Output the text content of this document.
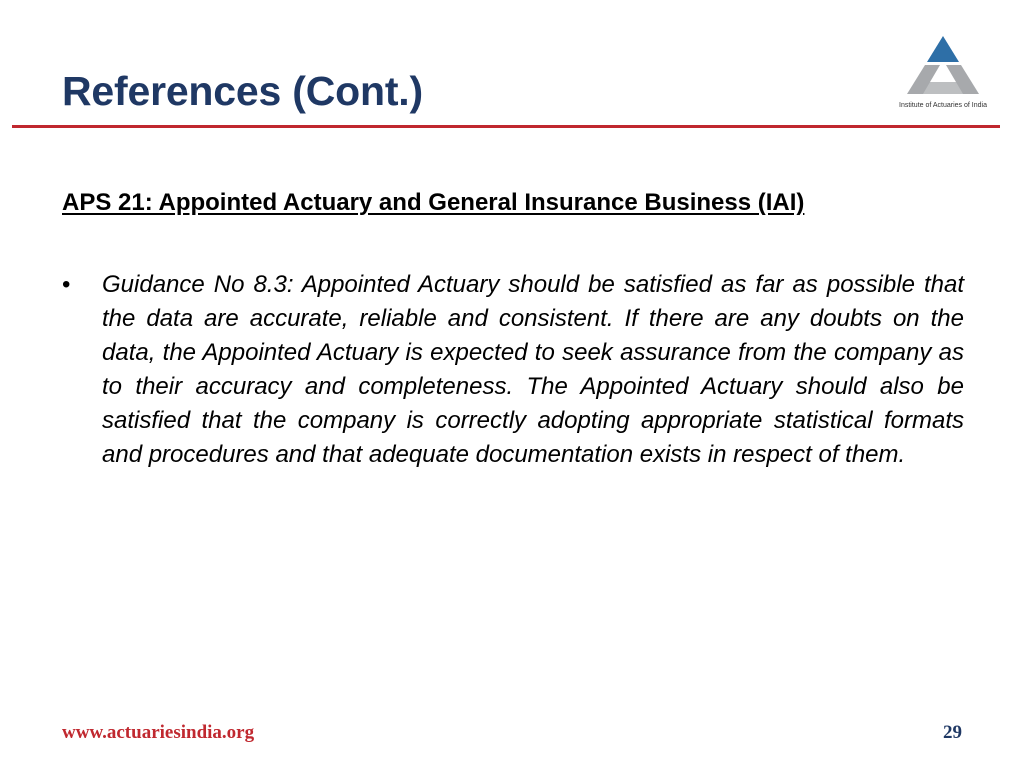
References (Cont.)	Institute of Actuaries of India
APS 21: Appointed Actuary and General Insurance Business (IAI)
•	Guidance No 8.3: Appointed Actuary should be satisfied as far as possible that the data are accurate, reliable and consistent. If there are any doubts on the data, the Appointed Actuary is expected to seek assurance from the company as to their accuracy and completeness. The Appointed Actuary should also be satisfied that the company is correctly adopting appropriate statistical formats and procedures and that adequate documentation exists in respect of them.
www.actuariesindia.org	29
